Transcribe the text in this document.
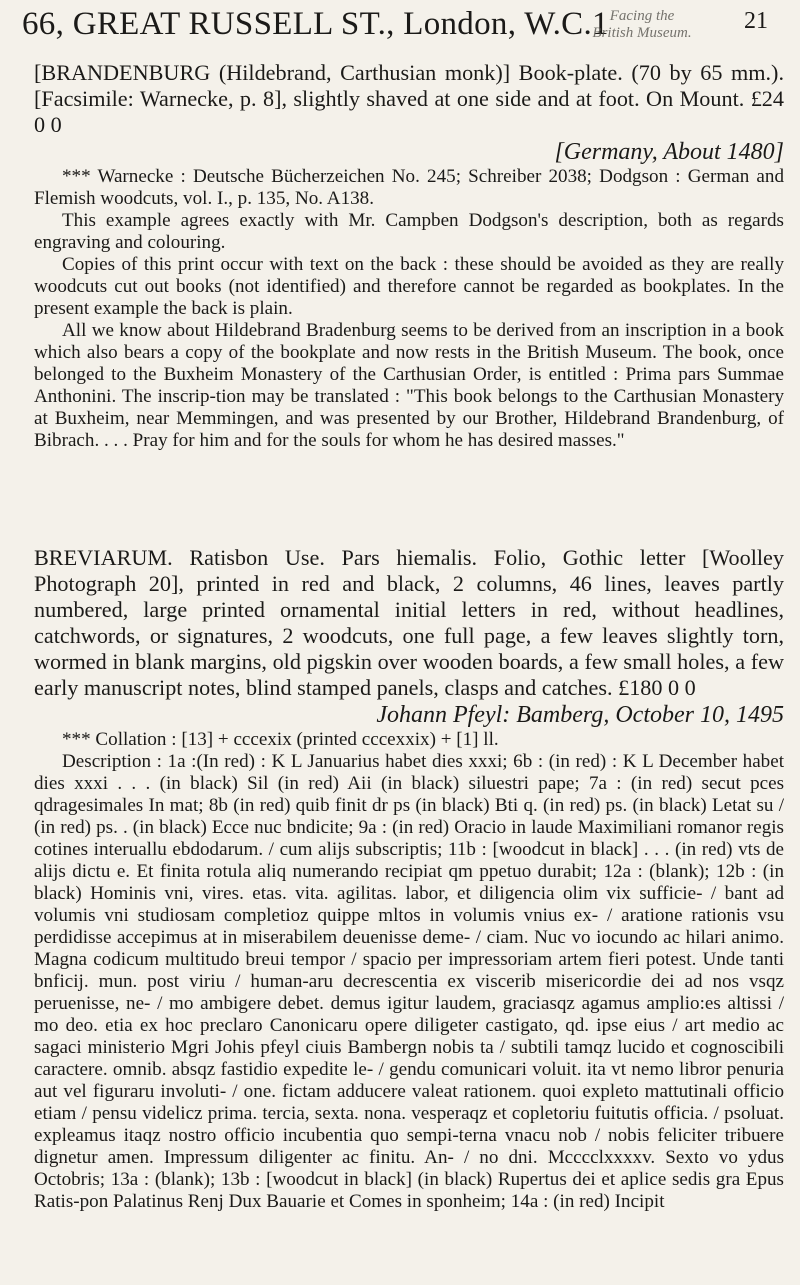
66, GREAT RUSSELL ST., London, W.C.1 Facing the
British Museum.	21

[BRANDENBURG (Hildebrand, Carthusian monk)] Book-plate. (70 by 65 mm.). [Facsimile: Warnecke, p. 8], slightly shaved at one side and at foot. On Mount. £24 0 0

[Germany, About 1480]

*** Warnecke : Deutsche Bücherzeichen No. 245; Schreiber 2038; Dodgson : German and Flemish woodcuts, vol. I., p. 135, No. A138.

This example agrees exactly with Mr. Campben Dodgson's description, both as regards engraving and colouring.

Copies of this print occur with text on the back : these should be avoided as they are really woodcuts cut out books (not identified) and therefore cannot be regarded as bookplates. In the present example the back is plain.

All we know about Hildebrand Bradenburg seems to be derived from an inscription in a book which also bears a copy of the bookplate and now rests in the British Museum. The book, once belonged to the Buxheim Monastery of the Carthusian Order, is entitled : Prima pars Summae Anthonini. The inscrip-tion may be translated : "This book belongs to the Carthusian Monastery at Buxheim, near Memmingen, and was presented by our Brother, Hildebrand Brandenburg, of Bibrach. . . . Pray for him and for the souls for whom he has desired masses."

BREVIARUM. Ratisbon Use. Pars hiemalis. Folio, Gothic letter [Woolley Photograph 20], printed in red and black, 2 columns, 46 lines, leaves partly numbered, large printed ornamental initial letters in red, without headlines, catchwords, or signatures, 2 woodcuts, one full page, a few leaves slightly torn, wormed in blank margins, old pigskin over wooden boards, a few small holes, a few early manuscript notes, blind stamped panels, clasps and catches. £180 0 0

Johann Pfeyl: Bamberg, October 10, 1495

*** Collation : [13] + cccexix (printed cccexxix) + [1] ll.

Description : 1a :(In red) : K L Januarius habet dies xxxi; 6b : (in red) : K L December habet dies xxxi . . . (in black) Sil (in red) Aii (in black) siluestri pape; 7a : (in red) secut pces qdragesimales In mat; 8b (in red) quib finit dr ps (in black) Bti q. (in red) ps. (in black) Letat su / (in red) ps. . (in black) Ecce nuc bndicite; 9a : (in red) Oracio in laude Maximiliani romanor regis cotines interuallu ebdodarum. / cum alijs subscriptis; 11b : [woodcut in black] . . . (in red) vts de alijs dictu e. Et finita rotula aliq numerando recipiat qm ppetuo durabit; 12a : (blank); 12b : (in black) Hominis vni, vires. etas. vita. agilitas. labor, et diligencia olim vix sufficie- / bant ad volumis vni studiosam completioz quippe mltos in volumis vnius ex- / aratione rationis vsu perdidisse accepimus at in miserabilem deuenisse deme- / ciam. Nuc vo iocundo ac hilari animo. Magna codicum multitudo breui tempor / spacio per impressoriam artem fieri potest. Unde tanti bnficij. mun. post viriu / human-aru decrescentia ex viscerib misericordie dei ad nos vsqz peruenisse, ne- / mo ambigere debet. demus igitur laudem, graciasqz agamus amplio:es altissi / mo deo. etia ex hoc preclaro Canonicaru opere diligeter castigato, qd. ipse eius / art medio ac sagaci ministerio Mgri Johis pfeyl ciuis Bambergn nobis ta / subtili tamqz lucido et cognoscibili caractere. omnib. absqz fastidio expedite le- / gendu comunicari voluit. ita vt nemo libror penuria aut vel figuraru involuti- / one. fictam adducere valeat rationem. quoi expleto mattutinali officio etiam / pensu videlicz prima. tercia, sexta. nona. vesperaqz et copletoriu fuitutis officia. / psoluat. expleamus itaqz nostro officio incubentia quo sempi-terna vnacu nob / nobis feliciter tribuere dignetur amen. Impressum diligenter ac finitu. An- / no dni. Mcccclxxxxv. Sexto vo ydus Octobris; 13a : (blank); 13b : [woodcut in black] (in black) Rupertus dei et aplice sedis gra Epus Ratis-pon Palatinus Renj Dux Bauarie et Comes in sponheim; 14a : (in red) Incipit
